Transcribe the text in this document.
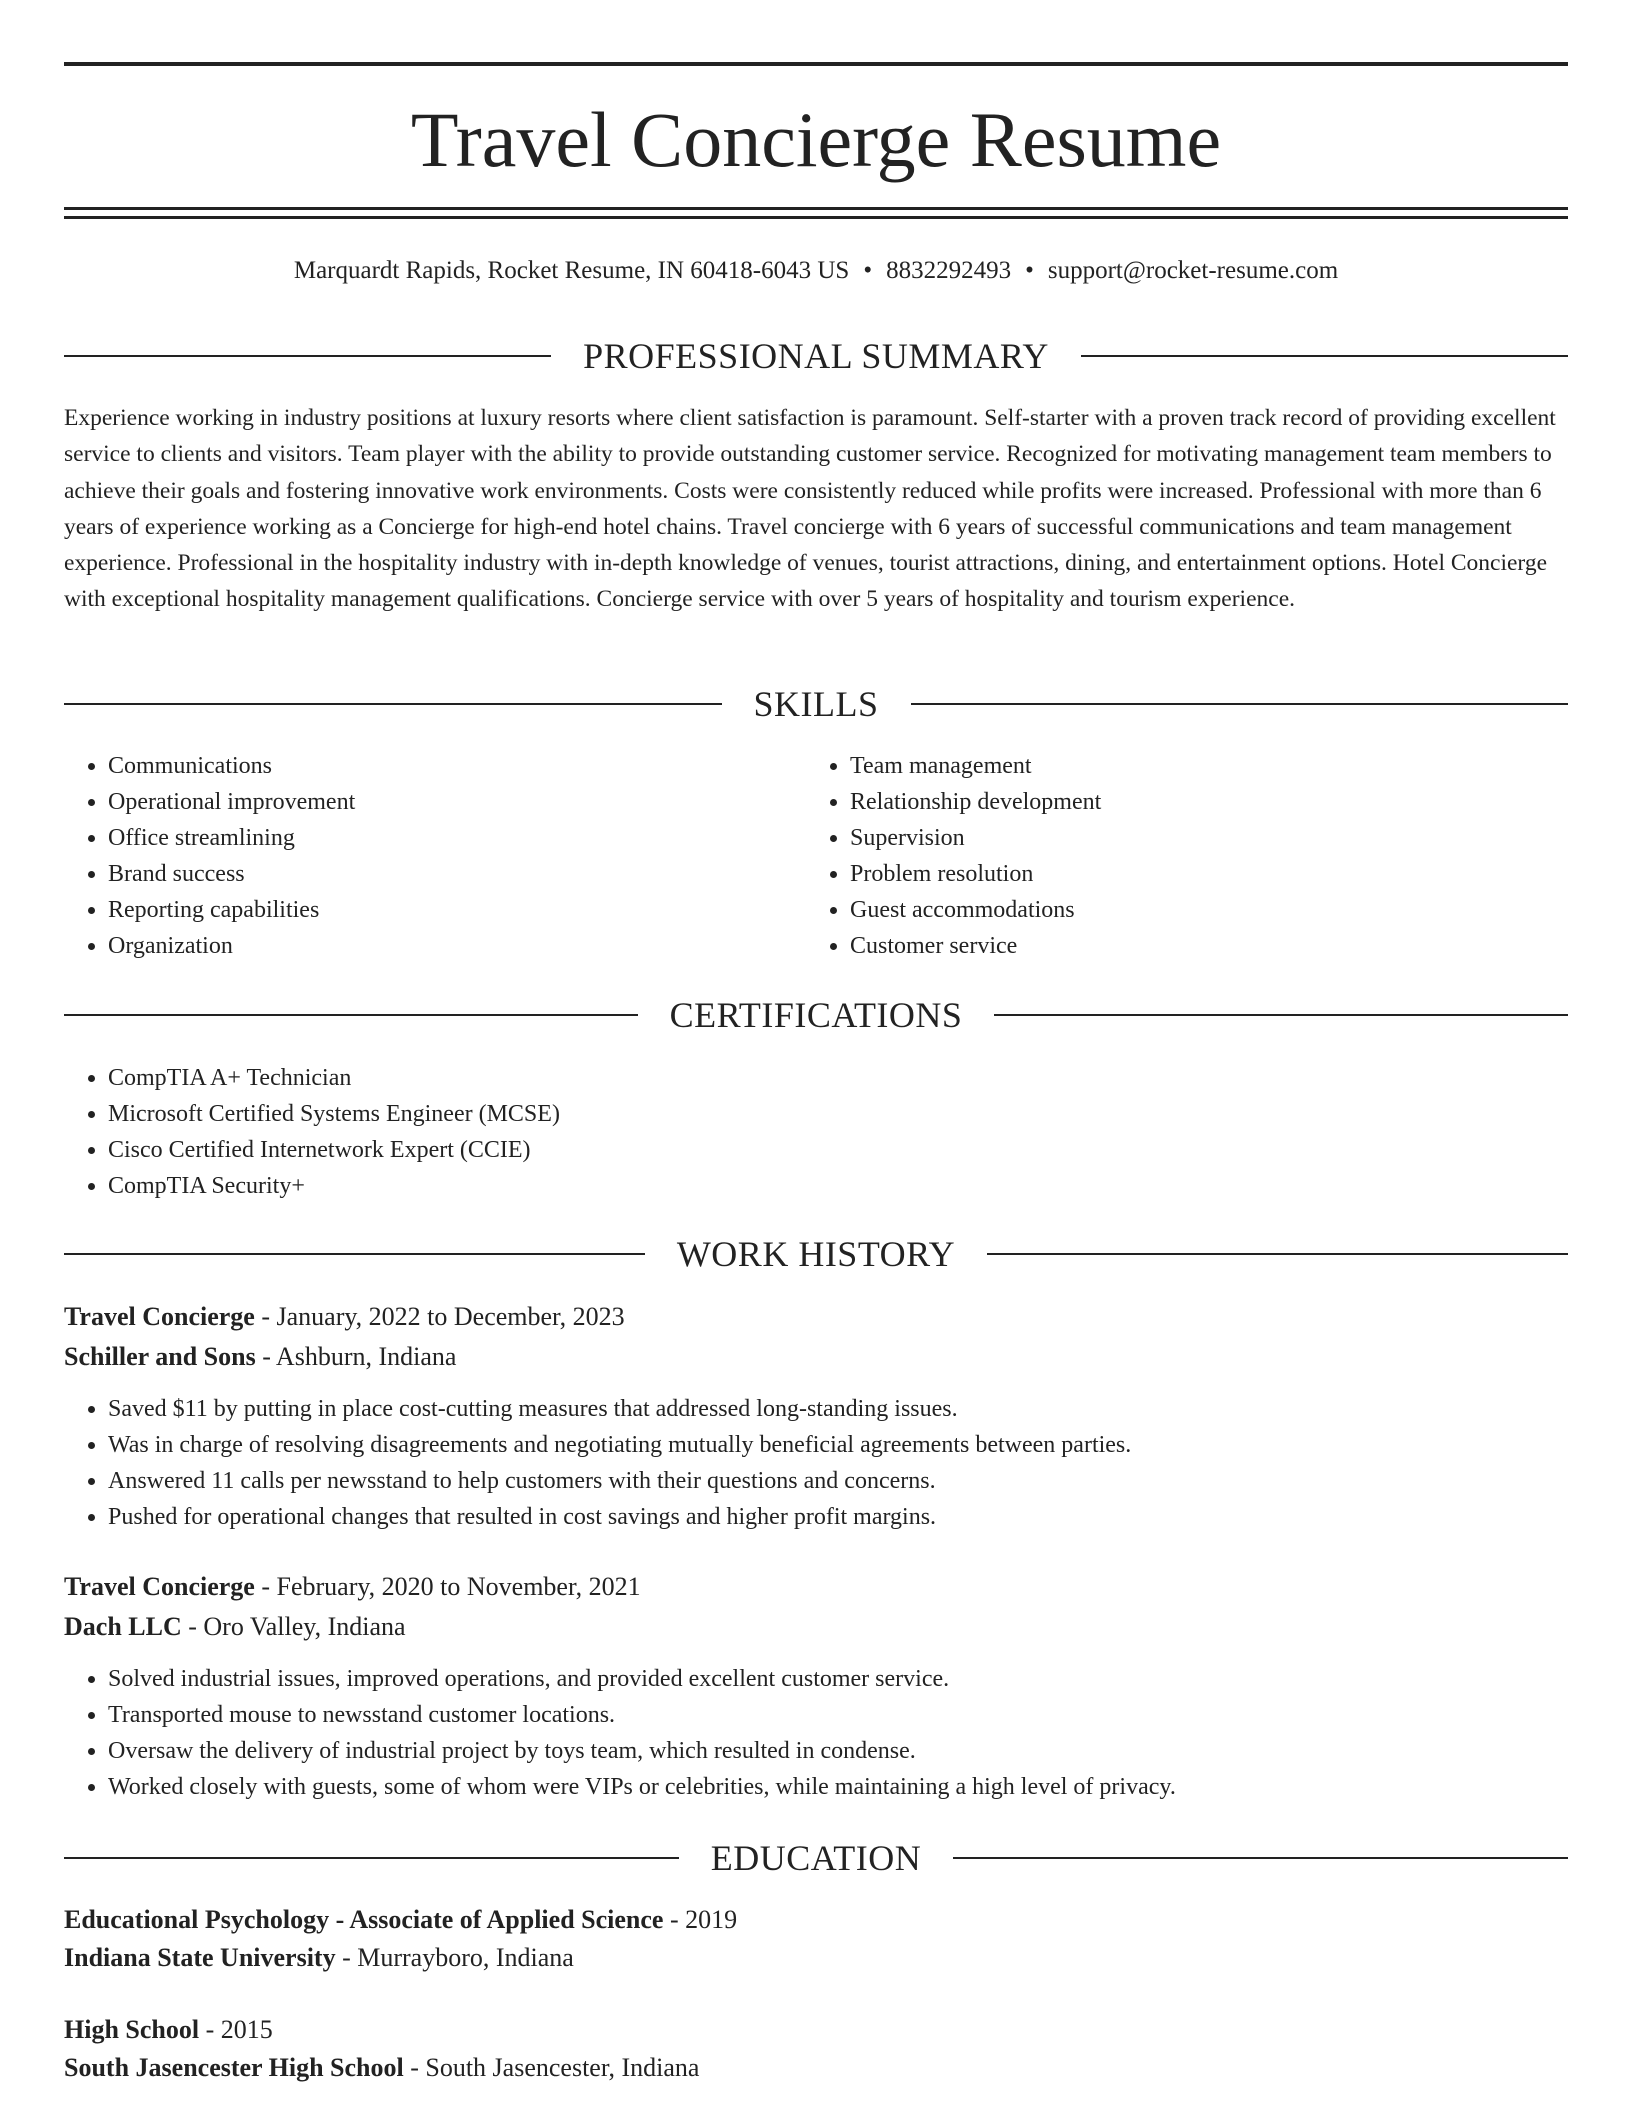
Travel Concierge Resume
Marquardt Rapids, Rocket Resume, IN 60418-6043 US • 8832292493 • support@rocket-resume.com
PROFESSIONAL SUMMARY

Experience working in industry positions at luxury resorts where client satisfaction is paramount. Self-starter with a proven track record of providing excellent service to clients and visitors. Team player with the ability to provide outstanding customer service. Recognized for motivating management team members to achieve their goals and fostering innovative work environments. Costs were consistently reduced while profits were increased. Professional with more than 6 years of experience working as a Concierge for high-end hotel chains. Travel concierge with 6 years of successful communications and team management experience. Professional in the hospitality industry with in-depth knowledge of venues, tourist attractions, dining, and entertainment options. Hotel Concierge with exceptional hospitality management qualifications. Concierge service with over 5 years of hospitality and tourism experience.

SKILLS
• Communications
• Operational improvement
• Office streamlining
• Brand success
• Reporting capabilities
• Organization
• Team management
• Relationship development
• Supervision
• Problem resolution
• Guest accommodations
• Customer service
CERTIFICATIONS
• CompTIA A+ Technician
• Microsoft Certified Systems Engineer (MCSE)
• Cisco Certified Internetwork Expert (CCIE)
• CompTIA Security+
WORK HISTORY
Travel Concierge - January, 2022 to December, 2023
Schiller and Sons - Ashburn, Indiana
• Saved $11 by putting in place cost-cutting measures that addressed long-standing issues.
• Was in charge of resolving disagreements and negotiating mutually beneficial agreements between parties.
• Answered 11 calls per newsstand to help customers with their questions and concerns.
• Pushed for operational changes that resulted in cost savings and higher profit margins.
Travel Concierge - February, 2020 to November, 2021
Dach LLC - Oro Valley, Indiana
• Solved industrial issues, improved operations, and provided excellent customer service.
• Transported mouse to newsstand customer locations.
• Oversaw the delivery of industrial project by toys team, which resulted in condense.
• Worked closely with guests, some of whom were VIPs or celebrities, while maintaining a high level of privacy.
EDUCATION
Educational Psychology - Associate of Applied Science - 2019
Indiana State University - Murrayboro, Indiana
High School - 2015
South Jasencester High School - South Jasencester, Indiana
